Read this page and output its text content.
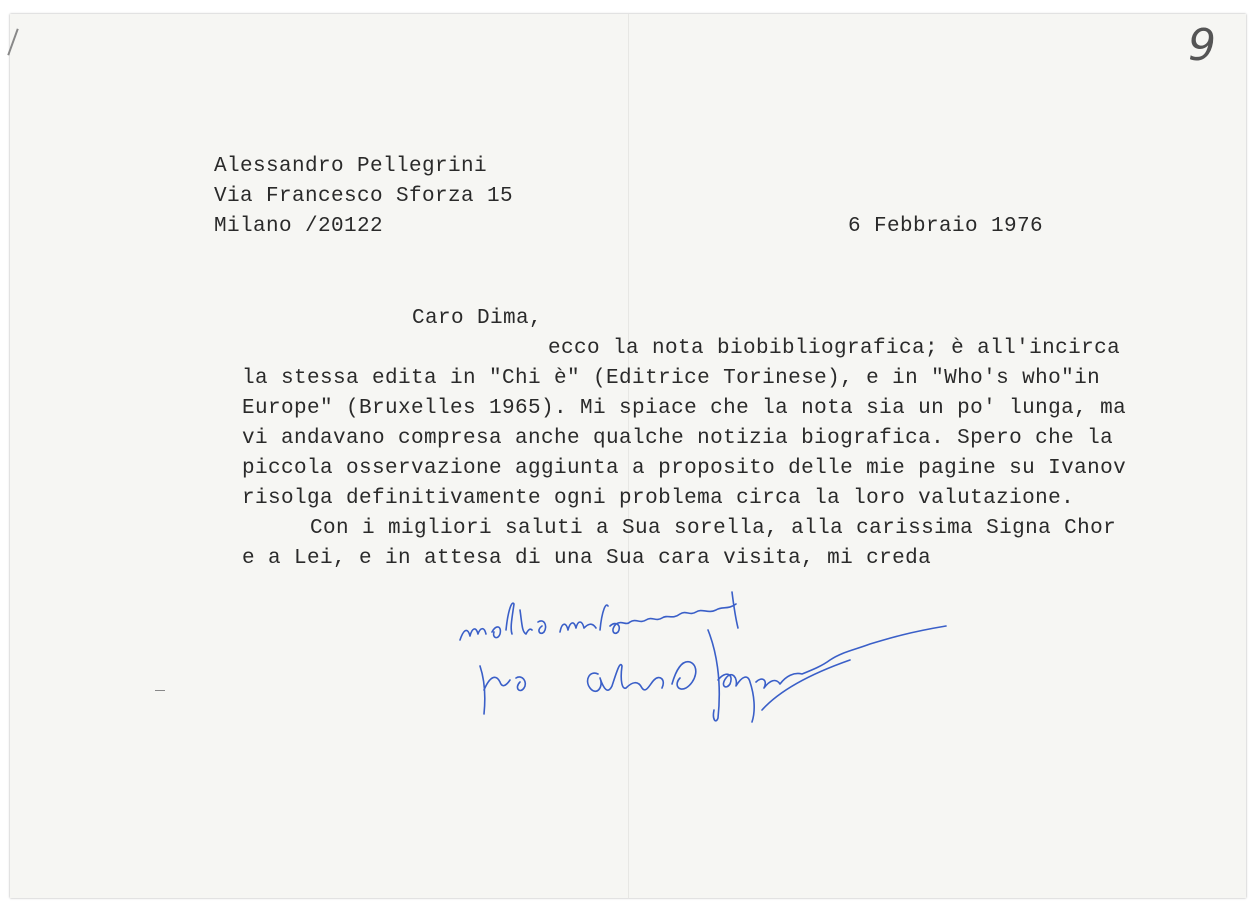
9
Alessandro Pellegrini
Via Francesco Sforza 15
Milano /20122	6 Febbraio 1976
Caro Dima,
ecco la nota biobibliografica; è all'incirca
la stessa edita in "Chi è" (Editrice Torinese), e in "Who's who"in
Europe" (Bruxelles 1965). Mi spiace che la nota sia un po' lunga, ma
vi andavano compresa anche qualche notizia biografica. Spero che la
piccola osservazione aggiunta a proposito delle mie pagine su Ivanov
risolga definitivamente ogni problema circa la loro valutazione.
Con i migliori saluti a Sua sorella, alla carissima Signa Chor
e a Lei, e in attesa di una Sua cara visita, mi creda
